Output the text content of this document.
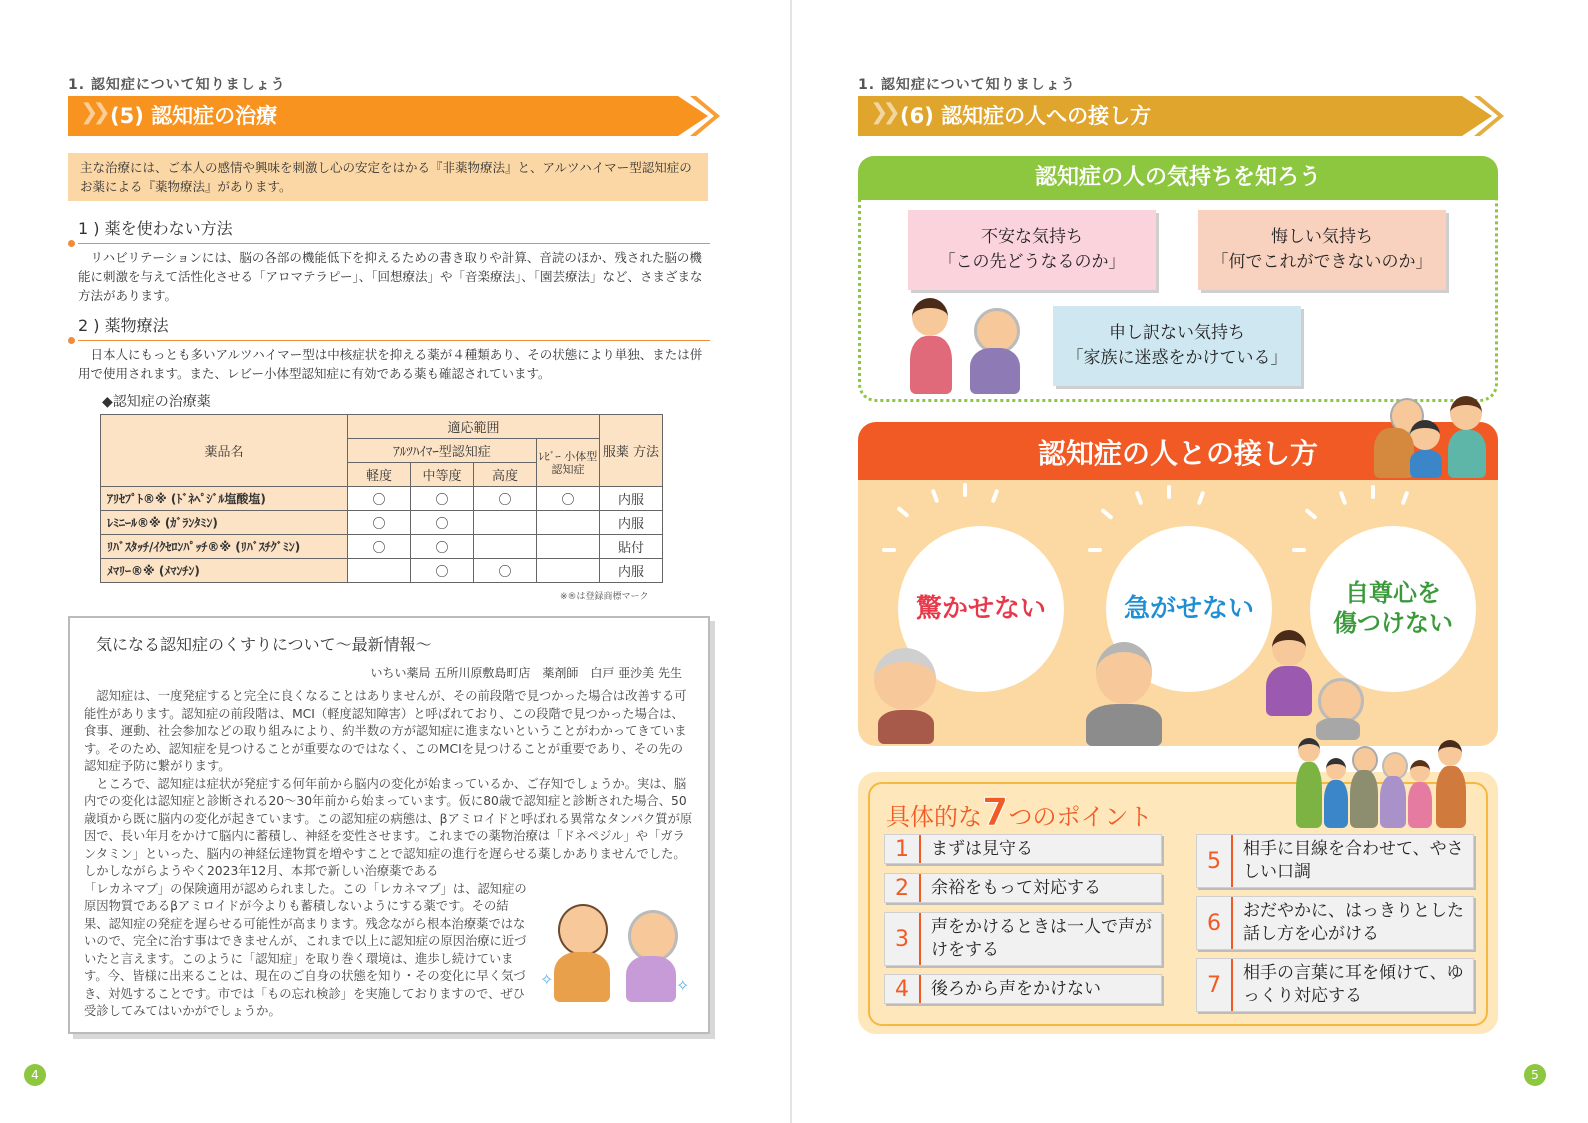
1. 認知症について知りましょう
❯❯ (5) 認知症の治療
主な治療には、ご本人の感情や興味を刺激し心の安定をはかる『非薬物療法』と、アルツハイマー型認知症のお薬による『薬物療法』があります。
1 ) 薬を使わない方法
リハビリテーションには、脳の各部の機能低下を抑えるための書き取りや計算、音読のほか、残された脳の機能に刺激を与えて活性化させる「アロマテラピー」、「回想療法」や「音楽療法」、「園芸療法」など、さまざまな方法があります。
2 ) 薬物療法
日本人にもっとも多いアルツハイマー型は中核症状を抑える薬が４種類あり、その状態により単独、または併用で使用されます。また、レビー小体型認知症に有効である薬も確認されています。
◆認知症の治療薬
薬品名	適応範囲				服薬 方法
	ｱﾙﾂﾊｲﾏｰ型認知症			ﾚﾋﾞｰ 小体型 認知症	
	軽度	中等度	高度		
ｱﾘｾﾌﾟﾄ®※ (ﾄﾞﾈﾍﾟｼﾞﾙ塩酸塩)	〇	〇	〇	〇	内服
ﾚﾐﾆｰﾙ®※ (ｶﾞﾗﾝﾀﾐﾝ)	〇	〇			内服
ﾘﾊﾞｽﾀｯﾁ/ｲｸｾﾛﾝﾊﾟｯﾁ®※ (ﾘﾊﾞｽﾁｸﾞﾐﾝ)	〇	〇			貼付
ﾒﾏﾘｰ®※ (ﾒﾏﾝﾁﾝ)		〇	〇		内服
※®は登録商標マーク
気になる認知症のくすりについて～最新情報～
いちい薬局 五所川原敷島町店　薬剤師　白戸 亜沙美 先生

認知症は、一度発症すると完全に良くなることはありませんが、その前段階で見つかった場合は改善する可能性があります。認知症の前段階は、MCI（軽度認知障害）と呼ばれており、この段階で見つかった場合は、食事、運動、社会参加などの取り組みにより、約半数の方が認知症に進まないということがわかってきています。そのため、認知症を見つけることが重要なのではなく、このMCIを見つけることが重要であり、その先の認知症予防に繋がります。

ところで、認知症は症状が発症する何年前から脳内の変化が始まっているか、ご存知でしょうか。実は、脳内での変化は認知症と診断される20～30年前から始まっています。仮に80歳で認知症と診断された場合、50歳頃から既に脳内の変化が起きています。この認知症の病態は、βアミロイドと呼ばれる異常なタンパク質が原因で、長い年月をかけて脳内に蓄積し、神経を変性させます。これまでの薬物治療は「ドネペジル」や「ガランタミン」といった、脳内の神経伝達物質を増やすことで認知症の進行を遅らせる薬しかありませんでした。しかしながらようやく2023年12月、本邦で新しい治療薬である

「レカネマブ」の保険適用が認められました。この「レカネマブ」は、認知症の原因物質であるβアミロイドが今よりも蓄積しないようにする薬です。その結果、認知症の発症を遅らせる可能性が高まります。残念ながら根本治療薬ではないので、完全に治す事はできませんが、これまで以上に認知症の原因治療に近づいたと言えます。このように「認知症」を取り巻く環境は、進歩し続けています。今、皆様に出来ることは、現在のご自身の状態を知り・その変化に早く気づき、対処することです。市では「もの忘れ検診」を実施しておりますので、ぜひ受診してみてはいかがでしょうか。

✧	✧
4
1. 認知症について知りましょう
❯❯ (6) 認知症の人への接し方
認知症の人の気持ちを知ろう
不安な気持ち
「この先どうなるのか」
悔しい気持ち
「何でこれができないのか」
申し訳ない気持ち
「家族に迷惑をかけている」
認知症の人との接し方
驚かせない	急がせない
自尊心を
傷つけない
具体的な7つのポイント
1	まずは見守る
2	余裕をもって対応する
3	声をかけるときは一人で声がけをする
4	後ろから声をかけない
5	相手に目線を合わせて、やさしい口調
6	おだやかに、はっきりとした話し方を心がける
7	相手の言葉に耳を傾けて、ゆっくり対応する
5
